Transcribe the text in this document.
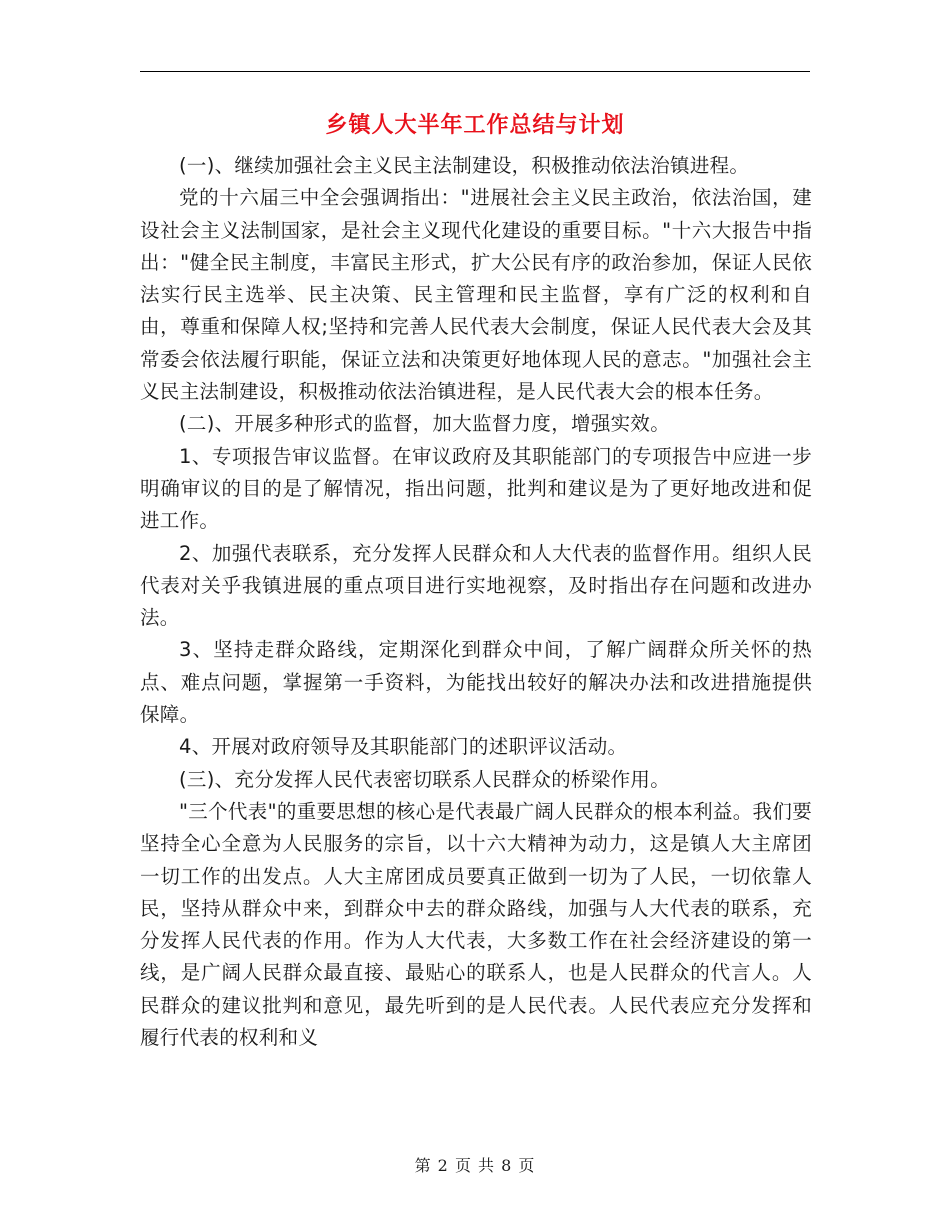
乡镇人大半年工作总结与计划

(一)、继续加强社会主义民主法制建设，积极推动依法治镇进程。

党的十六届三中全会强调指出："进展社会主义民主政治，依法治国，建设社会主义法制国家，是社会主义现代化建设的重要目标。"十六大报告中指出："健全民主制度，丰富民主形式，扩大公民有序的政治参加，保证人民依法实行民主选举、民主决策、民主管理和民主监督，享有广泛的权利和自由，尊重和保障人权;坚持和完善人民代表大会制度，保证人民代表大会及其常委会依法履行职能，保证立法和决策更好地体现人民的意志。"加强社会主义民主法制建设，积极推动依法治镇进程，是人民代表大会的根本任务。

(二)、开展多种形式的监督，加大监督力度，增强实效。

1、专项报告审议监督。在审议政府及其职能部门的专项报告中应进一步明确审议的目的是了解情况，指出问题，批判和建议是为了更好地改进和促进工作。

2、加强代表联系，充分发挥人民群众和人大代表的监督作用。组织人民代表对关乎我镇进展的重点项目进行实地视察，及时指出存在问题和改进办法。

3、坚持走群众路线，定期深化到群众中间，了解广阔群众所关怀的热点、难点问题，掌握第一手资料，为能找出较好的解决办法和改进措施提供保障。

4、开展对政府领导及其职能部门的述职评议活动。

(三)、充分发挥人民代表密切联系人民群众的桥梁作用。

"三个代表"的重要思想的核心是代表最广阔人民群众的根本利益。我们要坚持全心全意为人民服务的宗旨，以十六大精神为动力，这是镇人大主席团一切工作的出发点。人大主席团成员要真正做到一切为了人民，一切依靠人民，坚持从群众中来，到群众中去的群众路线，加强与人大代表的联系，充分发挥人民代表的作用。作为人大代表，大多数工作在社会经济建设的第一线，是广阔人民群众最直接、最贴心的联系人，也是人民群众的代言人。人民群众的建议批判和意见，最先听到的是人民代表。人民代表应充分发挥和履行代表的权利和义

第 2 页 共 8 页
